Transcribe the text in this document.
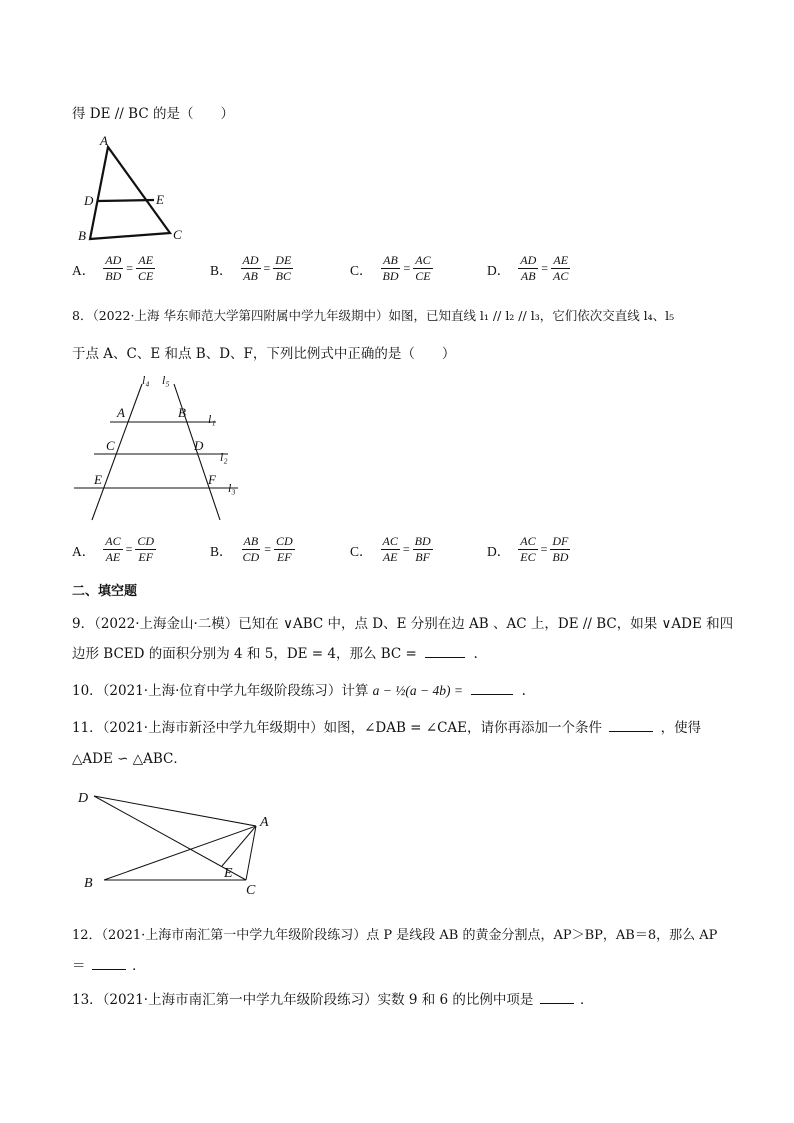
得 DE // BC 的是（　　）
A
D	E
B	C
A． $\frac{AD}{BD} = \frac{AE}{CE}$	B． $\frac{AD}{AB} = \frac{DE}{BC}$	C． $\frac{AB}{BD} = \frac{AC}{CE}$	D． $\frac{AD}{AB} = \frac{AE}{AC}$
8．（2022·上海 华东师范大学第四附属中学九年级期中）如图，已知直线 l₁ // l₂ // l₃，它们依次交直线 l₄、l₅
于点 A、C、E 和点 B、D、F，下列比例式中正确的是（　　）
l₄ l₅
A	B l₁
C	D
l₂
E	F
l₃
A． $\frac{AC}{AE} = \frac{CD}{EF}$	B． $\frac{AB}{CD} = \frac{CD}{EF}$	C． $\frac{AC}{AE} = \frac{BD}{BF}$	D． $\frac{AC}{EC} = \frac{DF}{BD}$
二、填空题
9．（2022·上海金山·二模）已知在 ∨ABC 中，点 D、E 分别在边 AB 、AC 上，DE // BC，如果 ∨ADE 和四
边形 BCED 的面积分别为 4 和 5，DE = 4，那么 BC =	.
10．（2021·上海·位育中学九年级阶段练习）计算 a − ½(a − 4b) =	.
11．（2021·上海市新泾中学九年级期中）如图，∠DAB = ∠CAE，请你再添加一个条件	，使得
△ADE ∽ △ABC．
D
A
E
B	C
12．（2021·上海市南汇第一中学九年级阶段练习）点 P 是线段 AB 的黄金分割点，AP＞BP，AB＝8，那么 AP
＝	．
13．（2021·上海市南汇第一中学九年级阶段练习）实数 9 和 6 的比例中项是	．
